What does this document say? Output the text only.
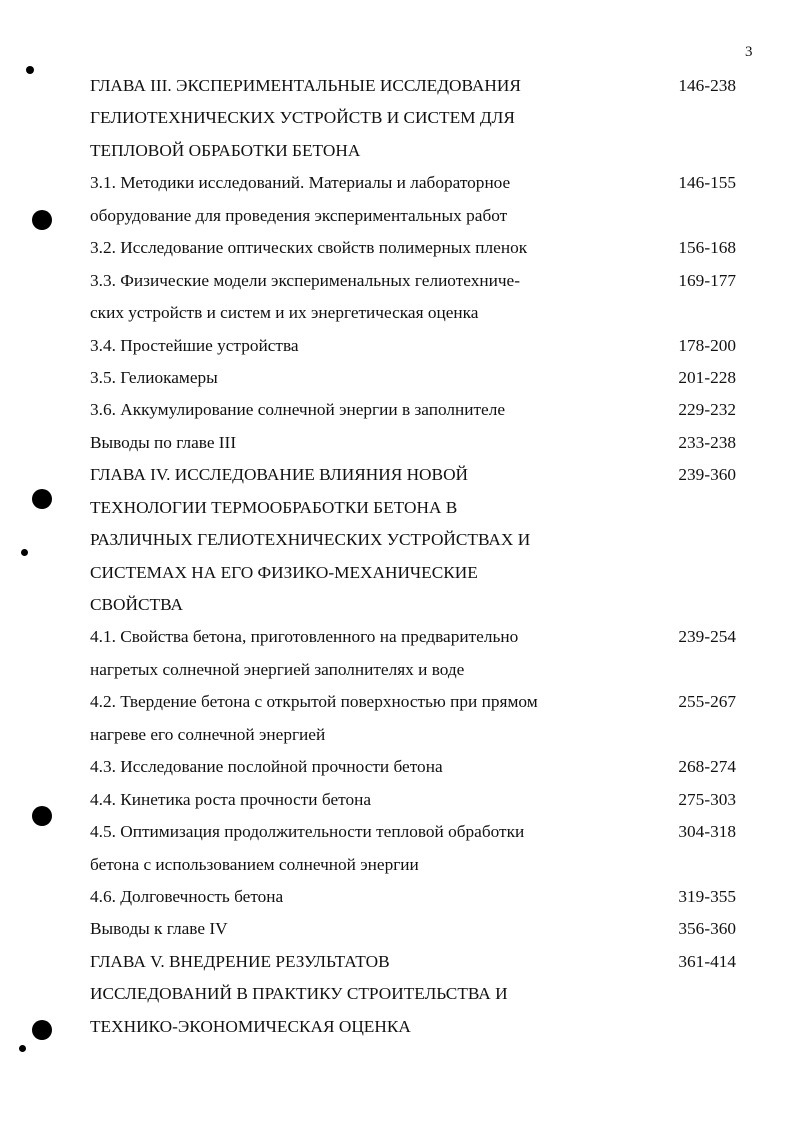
3
ГЛАВА III. ЭКСПЕРИМЕНТАЛЬНЫЕ ИССЛЕДОВАНИЯ	146-238
ГЕЛИОТЕХНИЧЕСКИХ УСТРОЙСТВ И СИСТЕМ ДЛЯ
ТЕПЛОВОЙ ОБРАБОТКИ БЕТОНА
3.1. Методики исследований. Материалы и лабораторное	146-155
оборудование для проведения экспериментальных работ
3.2. Исследование оптических свойств полимерных пленок	156-168
3.3. Физические модели эксперименальных гелиотехниче-	169-177
ских устройств и систем и их энергетическая оценка
3.4. Простейшие устройства	178-200
3.5. Гелиокамеры	201-228
3.6. Аккумулирование солнечной энергии в заполнителе	229-232
Выводы по главе III	233-238
ГЛАВА IV. ИССЛЕДОВАНИЕ ВЛИЯНИЯ НОВОЙ	239-360
ТЕХНОЛОГИИ ТЕРМООБРАБОТКИ БЕТОНА В
РАЗЛИЧНЫХ ГЕЛИОТЕХНИЧЕСКИХ УСТРОЙСТВАХ И
СИСТЕМАХ НА ЕГО ФИЗИКО-МЕХАНИЧЕСКИЕ
СВОЙСТВА
4.1. Свойства бетона, приготовленного на предварительно	239-254
нагретых солнечной энергией заполнителях и воде
4.2. Твердение бетона с открытой поверхностью при прямом	255-267
нагреве его солнечной энергией
4.3. Исследование послойной прочности бетона	268-274
4.4. Кинетика роста прочности бетона	275-303
4.5. Оптимизация продолжительности тепловой обработки	304-318
бетона с использованием солнечной энергии
4.6. Долговечность бетона	319-355
Выводы к главе IV	356-360
ГЛАВА V. ВНЕДРЕНИЕ РЕЗУЛЬТАТОВ	361-414
ИССЛЕДОВАНИЙ В ПРАКТИКУ СТРОИТЕЛЬСТВА И
ТЕХНИКО-ЭКОНОМИЧЕСКАЯ ОЦЕНКА
